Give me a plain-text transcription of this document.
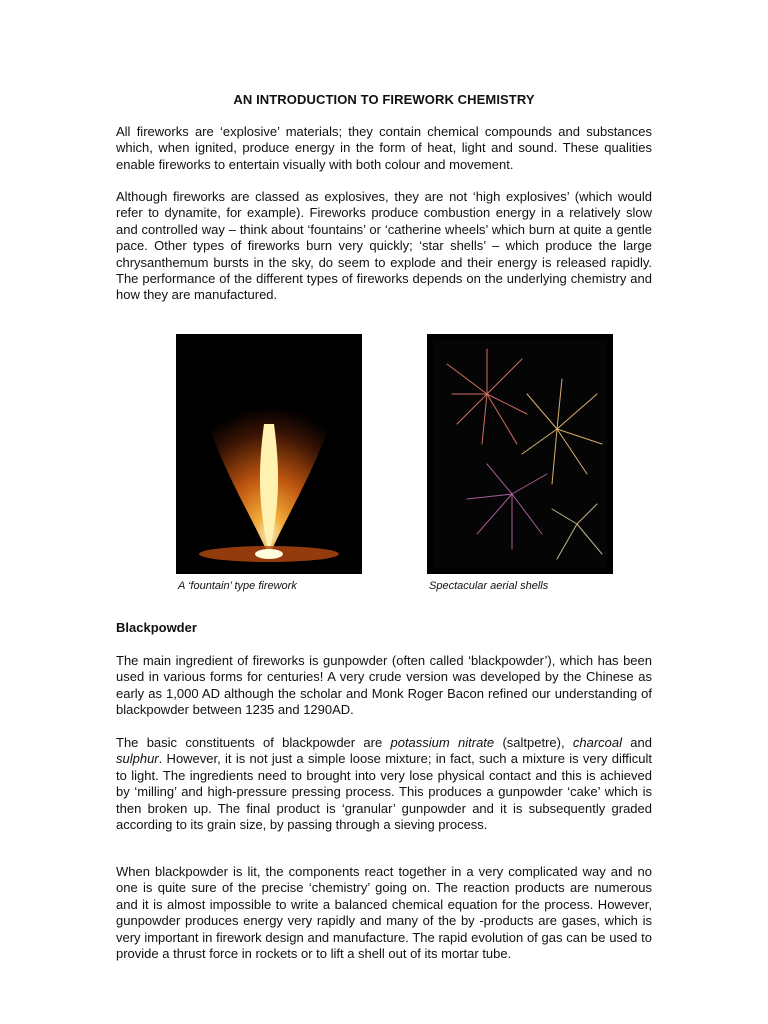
AN INTRODUCTION TO FIREWORK CHEMISTRY

All fireworks are ‘explosive’ materials; they contain chemical compounds and substances which, when ignited, produce energy in the form of heat, light and sound. These qualities enable fireworks to entertain visually with both colour and movement.

Although fireworks are classed as explosives, they are not ‘high explosives’ (which would refer to dynamite, for example). Fireworks produce combustion energy in a relatively slow and controlled way – think about ‘fountains’ or ‘catherine wheels’ which burn at quite a gentle pace. Other types of fireworks burn very quickly; ‘star shells’ – which produce the large chrysanthemum bursts in the sky, do seem to explode and their energy is released rapidly. The performance of the different types of fireworks depends on the underlying chemistry and how they are manufactured.

A ‘fountain’ type firework	Spectacular aerial shells
Blackpowder

The main ingredient of fireworks is gunpowder (often called ‘blackpowder’), which has been used in various forms for centuries! A very crude version was developed by the Chinese as early as 1,000 AD although the scholar and Monk Roger Bacon refined our understanding of blackpowder between 1235 and 1290AD.

The basic constituents of blackpowder are potassium nitrate (saltpetre), charcoal and sulphur. However, it is not just a simple loose mixture; in fact, such a mixture is very difficult to light. The ingredients need to brought into very lose physical contact and this is achieved by ‘milling’ and high-pressure pressing process. This produces a gunpowder ‘cake’ which is then broken up. The final product is ‘granular’ gunpowder and it is subsequently graded according to its grain size, by passing through a sieving process.

When blackpowder is lit, the components react together in a very complicated way and no one is quite sure of the precise ‘chemistry’ going on. The reaction products are numerous and it is almost impossible to write a balanced chemical equation for the process. However, gunpowder produces energy very rapidly and many of the by -products are gases, which is very important in firework design and manufacture. The rapid evolution of gas can be used to provide a thrust force in rockets or to lift a shell out of its mortar tube.
